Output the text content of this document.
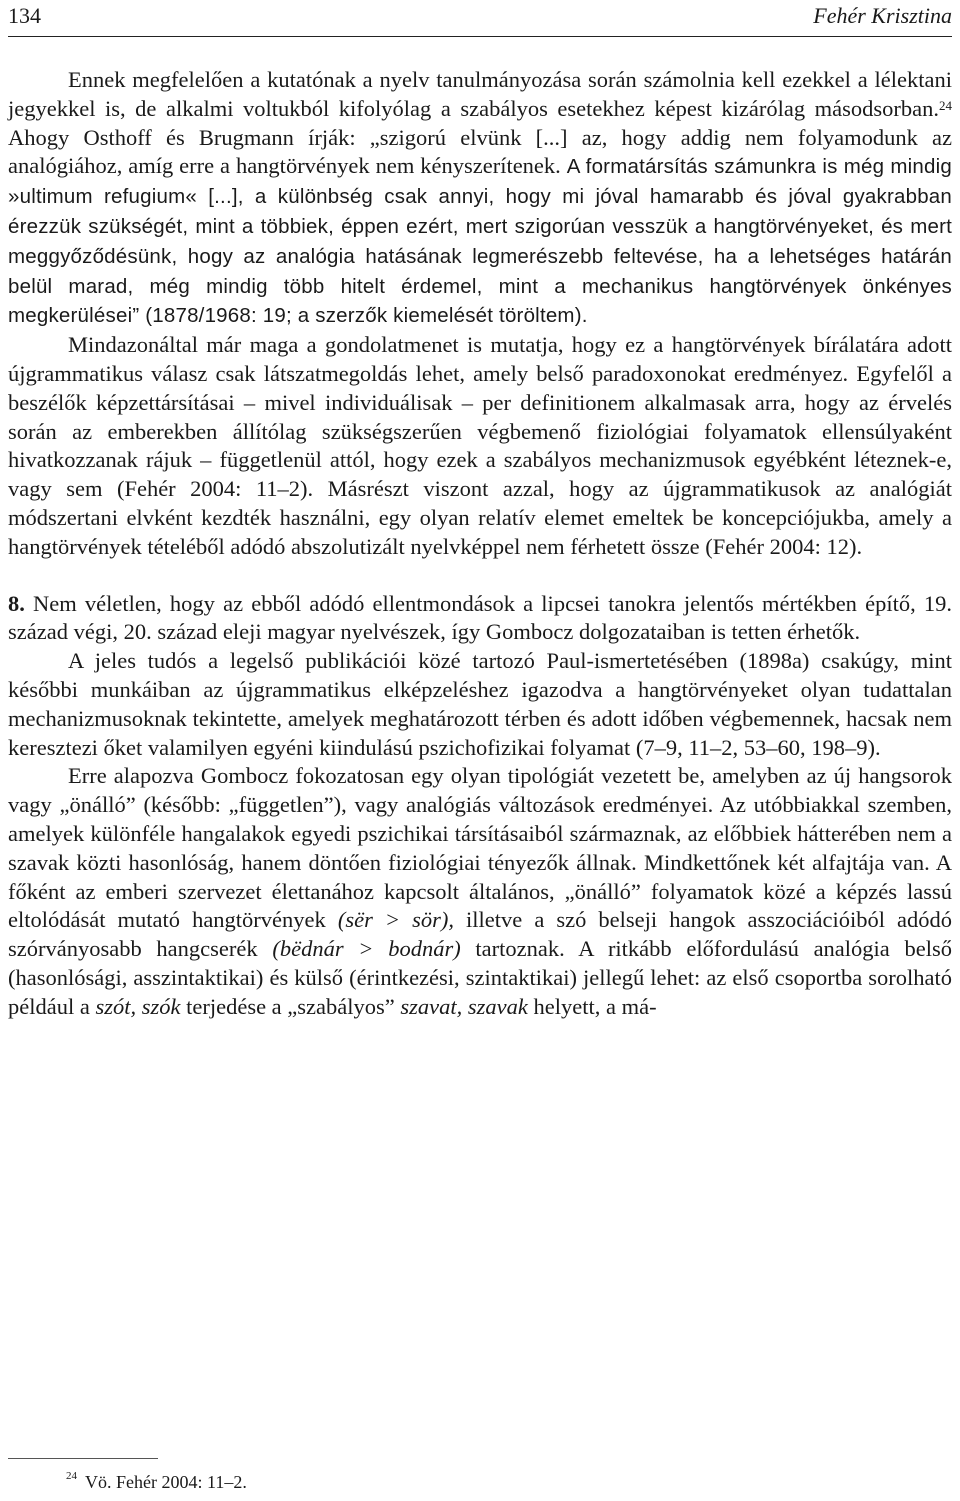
134	Fehér Krisztina

Ennek megfelelően a kutatónak a nyelv tanulmányozása során számolnia kell ezekkel a lélektani jegyekkel is, de alkalmi voltukból kifolyólag a szabályos esetekhez képest kizárólag másodsorban.$^{24}$ Ahogy Osthoff és Brugmann írják: „szigorú elvünk [...] az, hogy addig nem folyamodunk az analógiához, amíg erre a hangtörvények nem kényszerítenek. A formatársítás számunkra is még mindig »ultimum refugium« [...], a különbség csak annyi, hogy mi jóval hamarabb és jóval gyakrabban érezzük szükségét, mint a többiek, éppen ezért, mert szigorúan vesszük a hangtörvényeket, és mert meggyőződésünk, hogy az analógia hatásának legmerészebb feltevése, ha a lehetséges határán belül marad, még mindig több hitelt érdemel, mint a mechanikus hangtörvények önkényes megkerülései” (1878/1968: 19; a szerzők kiemelését töröltem).

Mindazonáltal már maga a gondolatmenet is mutatja, hogy ez a hangtörvények bírálatára adott újgrammatikus válasz csak látszatmegoldás lehet, amely belső paradoxonokat eredményez. Egyfelől a beszélők képzettársításai – mivel individuálisak – per definitionem alkalmasak arra, hogy az érvelés során az emberekben állítólag szükségszerűen végbemenő fiziológiai folyamatok ellensúlyaként hivatkozzanak rájuk – függetlenül attól, hogy ezek a szabályos mechanizmusok egyébként léteznek-e, vagy sem (Fehér 2004: 11–2). Másrészt viszont azzal, hogy az újgrammatikusok az analógiát módszertani elvként kezdték használni, egy olyan relatív elemet emeltek be koncepciójukba, amely a hangtörvények tételéből adódó abszolutizált nyelvképpel nem férhetett össze (Fehér 2004: 12).

8. Nem véletlen, hogy az ebből adódó ellentmondások a lipcsei tanokra jelentős mértékben építő, 19. század végi, 20. század eleji magyar nyelvészek, így Gombocz dolgozataiban is tetten érhetők.

A jeles tudós a legelső publikációi közé tartozó Paul-ismertetésében (1898a) csakúgy, mint későbbi munkáiban az újgrammatikus elképzeléshez igazodva a hangtörvényeket olyan tudattalan mechanizmusoknak tekintette, amelyek meghatározott térben és adott időben végbemennek, hacsak nem keresztezi őket valamilyen egyéni kiindulású pszichofizikai folyamat (7–9, 11–2, 53–60, 198–9).

Erre alapozva Gombocz fokozatosan egy olyan tipológiát vezetett be, amelyben az új hangsorok vagy „önálló” (később: „független”), vagy analógiás változások eredményei. Az utóbbiakkal szemben, amelyek különféle hangalakok egyedi pszichikai társításaiból származnak, az előbbiek hátterében nem a szavak közti hasonlóság, hanem döntően fiziológiai tényezők állnak. Mindkettőnek két alfajtája van. A főként az emberi szervezet élettanához kapcsolt általános, „önálló” folyamatok közé a képzés lassú eltolódását mutató hangtörvények (sër > sör), illetve a szó belseji hangok asszociációiból adódó szórványosabb hangcserék (bëdnár > bodnár) tartoznak. A ritkább előfordulású analógia belső (hasonlósági, asszintaktikai) és külső (érintkezési, szintaktikai) jellegű lehet: az első csoportba sorolható például a szót, szók terjedése a „szabályos” szavat, szavak helyett, a má-

$^{24}$ Vö. Fehér 2004: 11–2.
